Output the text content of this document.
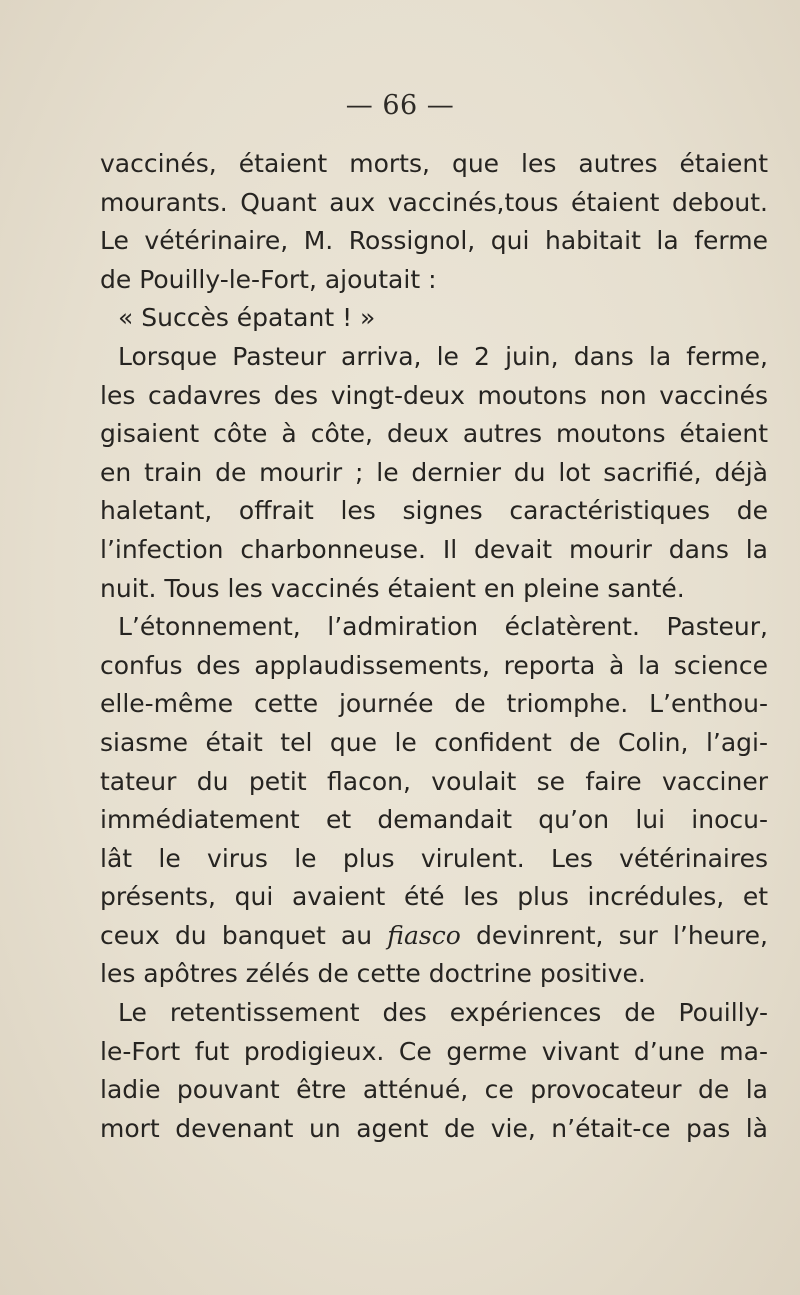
— 66 —
vaccinés, étaient morts, que les autres étaient
mourants. Quant aux vaccinés,tous étaient debout.
Le vétérinaire, M. Rossignol, qui habitait la ferme
de Pouilly-le-Fort, ajoutait :
« Succès épatant ! »
Lorsque Pasteur arriva, le 2 juin, dans la ferme,
les cadavres des vingt-deux moutons non vaccinés
gisaient côte à côte, deux autres moutons étaient
en train de mourir ; le dernier du lot sacrifié, déjà
haletant, offrait les signes caractéristiques de
l’infection charbonneuse. Il devait mourir dans la
nuit. Tous les vaccinés étaient en pleine santé.
L’étonnement, l’admiration éclatèrent. Pasteur,
confus des applaudissements, reporta à la science
elle-même cette journée de triomphe. L’enthou-
siasme était tel que le confident de Colin, l’agi-
tateur du petit flacon, voulait se faire vacciner
immédiatement et demandait qu’on lui inocu-
lât le virus le plus virulent. Les vétérinaires
présents, qui avaient été les plus incrédules, et
ceux du banquet au fiasco devinrent, sur l’heure,
les apôtres zélés de cette doctrine positive.
Le retentissement des expériences de Pouilly-
le-Fort fut prodigieux. Ce germe vivant d’une ma-
ladie pouvant être atténué, ce provocateur de la
mort devenant un agent de vie, n’était-ce pas là
